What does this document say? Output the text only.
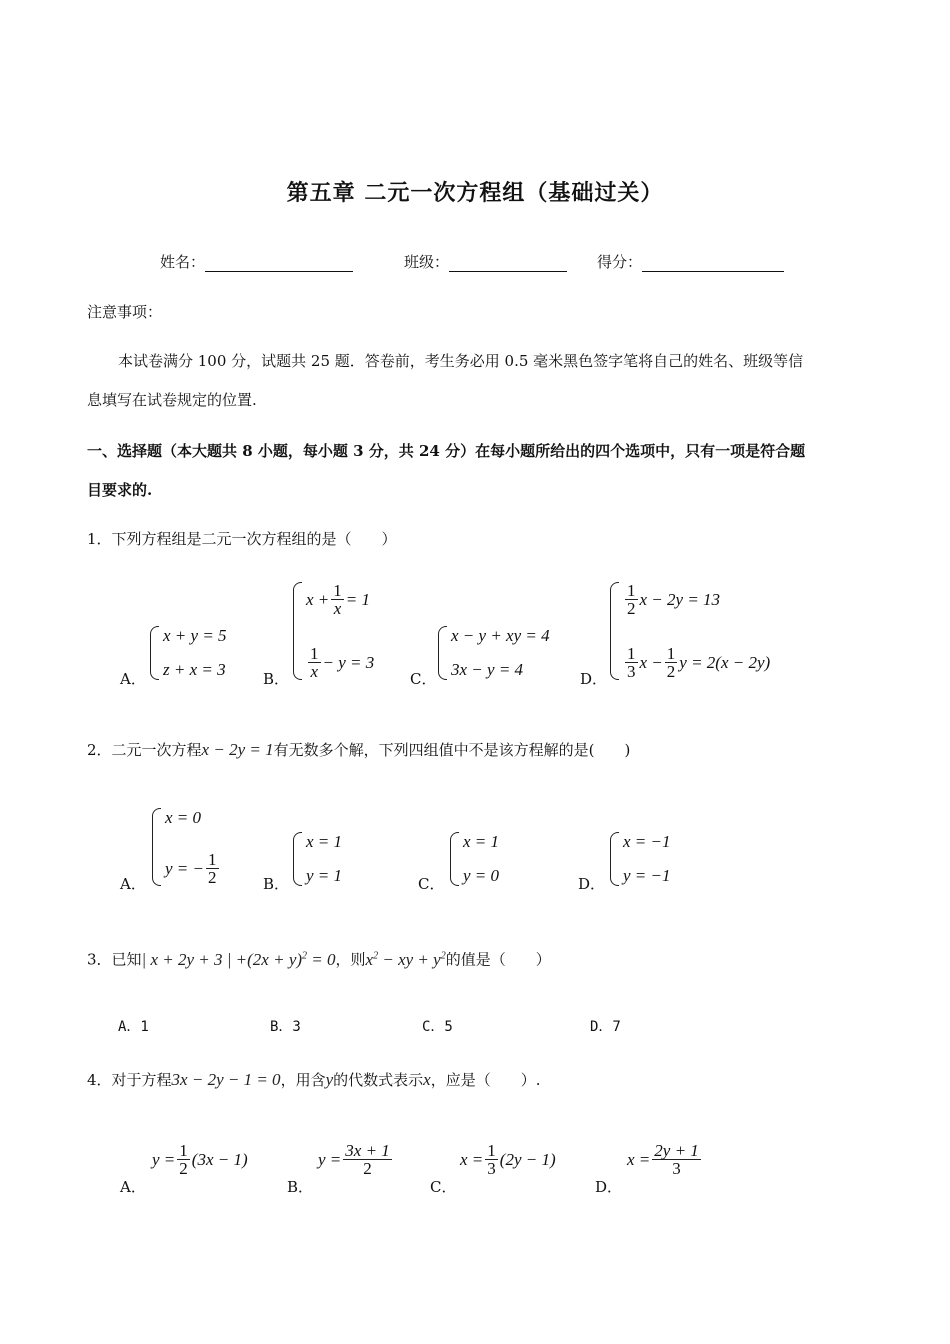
第五章 二元一次方程组（基础过关）
姓名：	班级：	得分：
注意事项：
本试卷满分 100 分，试题共 25 题．答卷前，考生务必用 0.5 毫米黑色签字笔将自己的姓名、班级等信
息填写在试卷规定的位置.
一、选择题（本大题共 8 小题，每小题 3 分，共 24 分）在每小题所给出的四个选项中，只有一项是符合题
目要求的.
1．下列方程组是二元一次方程组的是（　　）
A．
x + y = 5
z + x = 3 B．
$x + \frac{1}{x} = 1$
$\frac{1}{x} - y = 3$
C．
x − y + xy = 4
3x − y = 4	D．
$\frac{1}{2}$ x − 2y = 13
$\frac{1}{3}$ $x - \frac{1}{2}$ y = 2(x − 2y)
2．二元一次方程x − 2y = 1有无数多个解，下列四组值中不是该方程解的是(　　)
A．
x = 0
y = − $\frac{1}{2}$	B．
x = 1
y = 1	C．
x = 1
y = 0	D．
x = −1
y = −1
3．已知| x + 2y + 3 | $+(2x + y)^2 = 0$，则$x^2$ − xy + $y^2$的值是（　　）
A．1	B．3	C．5	D．7
4．对于方程3x − 2y − 1 = 0，用含y的代数式表示x，应是（　　）.
A．
$y = \frac{1}{2} (3x - 1)$
B．
$y = \frac{3x + 1}{2}$
C．
$x = \frac{1}{3} (2y - 1)$
D．
$x = \frac{2y + 1}{3}$
